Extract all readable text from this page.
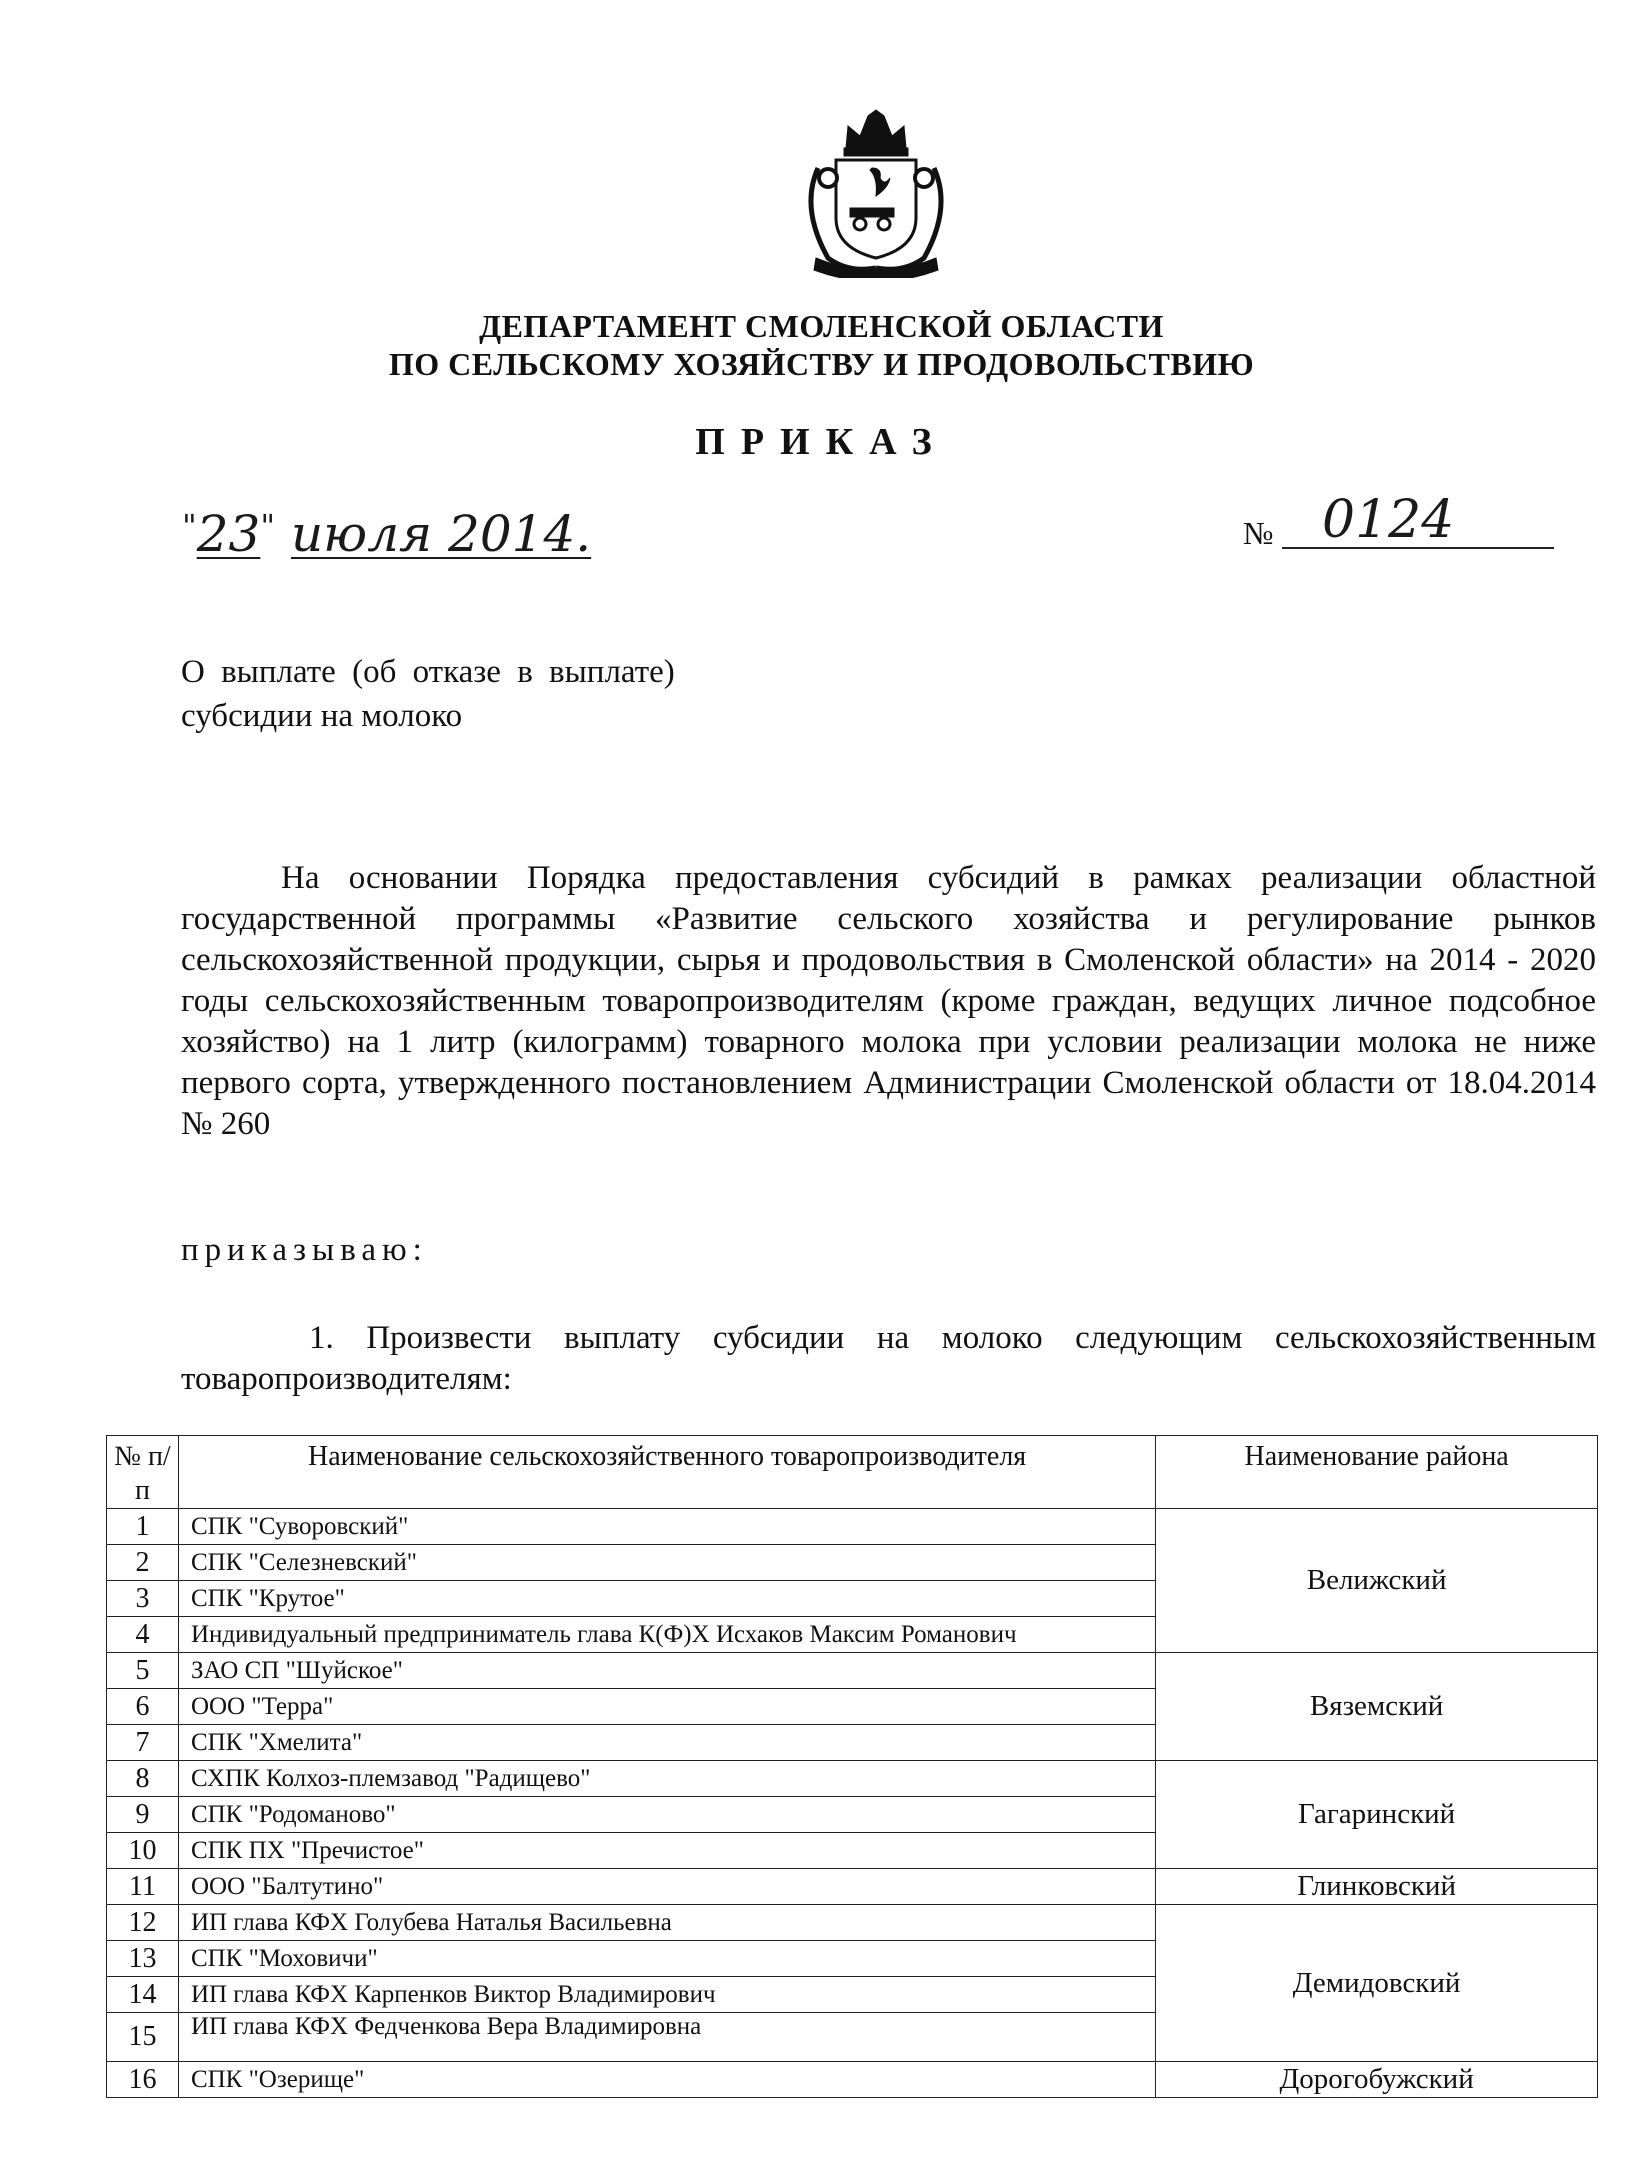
ДЕПАРТАМЕНТ СМОЛЕНСКОЙ ОБЛАСТИ
ПО СЕЛЬСКОМУ ХОЗЯЙСТВУ И ПРОДОВОЛЬСТВИЮ
ПРИКАЗ
"23" июля 2014.	№ 0124
О выплате (об отказе в выплате)
субсидии на молоко

На основании Порядка предоставления субсидий в рамках реализации областной государственной программы «Развитие сельского хозяйства и регулирование рынков сельскохозяйственной продукции, сырья и продовольствия в Смоленской области» на 2014 - 2020 годы сельскохозяйственным товаропроизводителям (кроме граждан, ведущих личное подсобное хозяйство) на 1 литр (килограмм) товарного молока при условии реализации молока не ниже первого сорта, утвержденного постановлением Администрации Смоленской области от 18.04.2014 № 260

приказываю:

1. Произвести выплату субсидии на молоко следующим сельскохозяйственным товаропроизводителям:

№ п/п	Наименование сельскохозяйственного товаропроизводителя	Наименование района
1	СПК "Суворовский"	Велижский
2	СПК "Селезневский"	
3	СПК "Крутое"	
4	Индивидуальный предприниматель глава К(Ф)Х Исхаков Максим Романович	
5	ЗАО СП "Шуйское"	Вяземский
6	ООО "Терра"	
7	СПК "Хмелита"	
8	СХПК Колхоз-племзавод "Радищево"	Гагаринский
9	СПК "Родоманово"	
10	СПК ПХ "Пречистое"	
11	ООО "Балтутино"	Глинковский
12	ИП глава КФХ Голубева Наталья Васильевна	Демидовский
13	СПК "Моховичи"	
14	ИП глава КФХ Карпенков Виктор Владимирович	
15	ИП глава КФХ Федченкова Вера Владимировна	
16	СПК "Озерище"	Дорогобужский
